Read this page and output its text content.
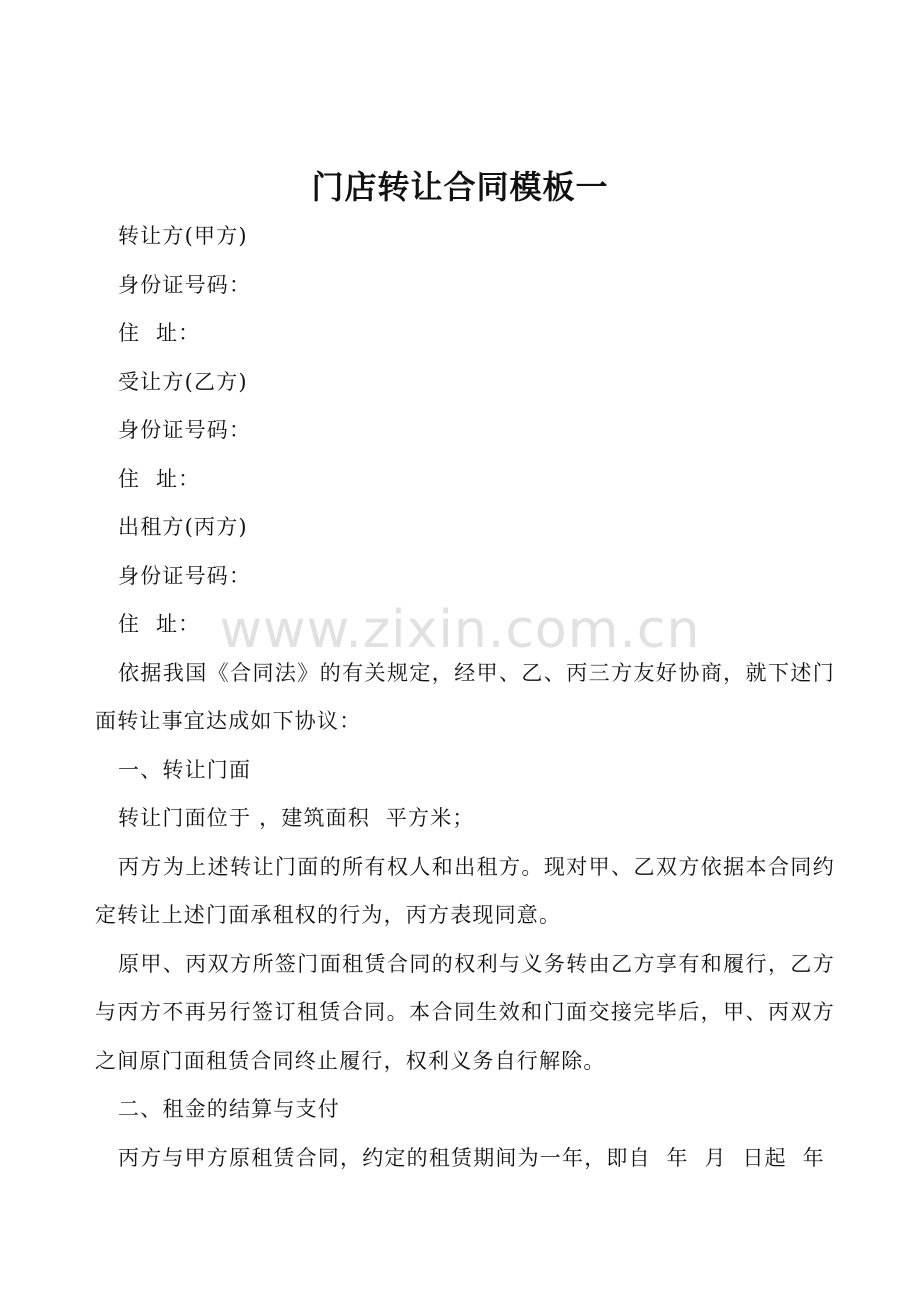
门店转让合同模板一

转让方(甲方)

身份证号码：

住  址：

受让方(乙方)

身份证号码：

住  址：

出租方(丙方)

身份证号码：

住  址：

依据我国《合同法》的有关规定，经甲、乙、丙三方友好协商，就下述门面转让事宜达成如下协议：

一、转让门面

转让门面位于 ，建筑面积  平方米；

丙方为上述转让门面的所有权人和出租方。现对甲、乙双方依据本合同约定转让上述门面承租权的行为，丙方表现同意。

原甲、丙双方所签门面租赁合同的权利与义务转由乙方享有和履行，乙方与丙方不再另行签订租赁合同。本合同生效和门面交接完毕后，甲、丙双方之间原门面租赁合同终止履行，权利义务自行解除。

二、租金的结算与支付

丙方与甲方原租赁合同，约定的租赁期间为一年，即自  年  月  日起  年

www.zixin.com.cn
